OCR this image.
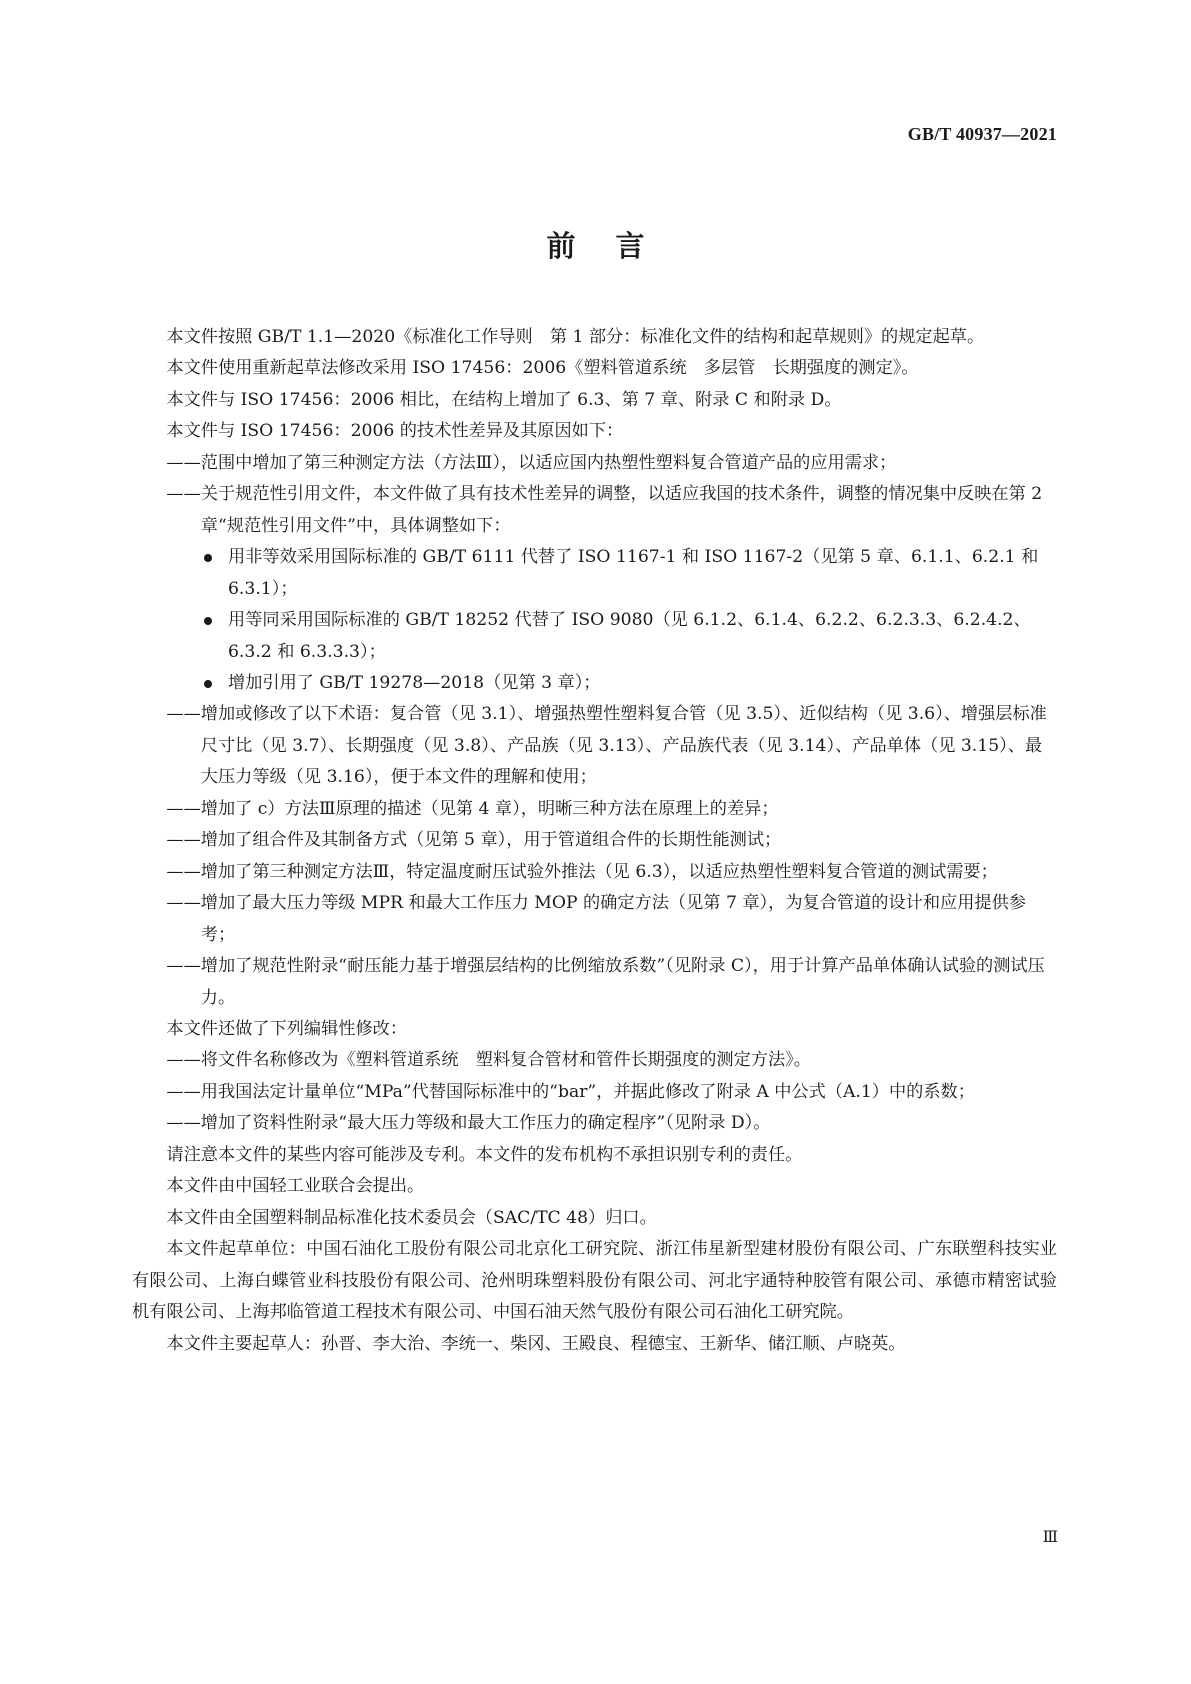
GB/T 40937—2021
前言

本文件按照 GB/T 1.1—2020《标准化工作导则　第 1 部分：标准化文件的结构和起草规则》的规定起草。

本文件使用重新起草法修改采用 ISO 17456：2006《塑料管道系统　多层管　长期强度的测定》。

本文件与 ISO 17456：2006 相比，在结构上增加了 6.3、第 7 章、附录 C 和附录 D。

本文件与 ISO 17456：2006 的技术性差异及其原因如下：

——范围中增加了第三种测定方法（方法Ⅲ），以适应国内热塑性塑料复合管道产品的应用需求；

——关于规范性引用文件，本文件做了具有技术性差异的调整，以适应我国的技术条件，调整的情况集中反映在第 2 章“规范性引用文件”中，具体调整如下：

用非等效采用国际标准的 GB/T 6111 代替了 ISO 1167-1 和 ISO 1167-2（见第 5 章、6.1.1、6.2.1 和 6.3.1）；

用等同采用国际标准的 GB/T 18252 代替了 ISO 9080（见 6.1.2、6.1.4、6.2.2、6.2.3.3、6.2.4.2、6.3.2 和 6.3.3.3）；

增加引用了 GB/T 19278—2018（见第 3 章）；

——增加或修改了以下术语：复合管（见 3.1）、增强热塑性塑料复合管（见 3.5）、近似结构（见 3.6）、增强层标准尺寸比（见 3.7）、长期强度（见 3.8）、产品族（见 3.13）、产品族代表（见 3.14）、产品单体（见 3.15）、最大压力等级（见 3.16），便于本文件的理解和使用；

——增加了 c）方法Ⅲ原理的描述（见第 4 章），明晰三种方法在原理上的差异；

——增加了组合件及其制备方式（见第 5 章），用于管道组合件的长期性能测试；

——增加了第三种测定方法Ⅲ，特定温度耐压试验外推法（见 6.3），以适应热塑性塑料复合管道的测试需要；

——增加了最大压力等级 MPR 和最大工作压力 MOP 的确定方法（见第 7 章），为复合管道的设计和应用提供参考；

——增加了规范性附录“耐压能力基于增强层结构的比例缩放系数”（见附录 C），用于计算产品单体确认试验的测试压力。

本文件还做了下列编辑性修改：

——将文件名称修改为《塑料管道系统　塑料复合管材和管件长期强度的测定方法》。

——用我国法定计量单位“MPa”代替国际标准中的“bar”，并据此修改了附录 A 中公式（A.1）中的系数；

——增加了资料性附录“最大压力等级和最大工作压力的确定程序”（见附录 D）。

请注意本文件的某些内容可能涉及专利。本文件的发布机构不承担识别专利的责任。

本文件由中国轻工业联合会提出。

本文件由全国塑料制品标准化技术委员会（SAC/TC 48）归口。

本文件起草单位：中国石油化工股份有限公司北京化工研究院、浙江伟星新型建材股份有限公司、广东联塑科技实业有限公司、上海白蝶管业科技股份有限公司、沧州明珠塑料股份有限公司、河北宇通特种胶管有限公司、承德市精密试验机有限公司、上海邦临管道工程技术有限公司、中国石油天然气股份有限公司石油化工研究院。

本文件主要起草人：孙晋、李大治、李统一、柴冈、王殿良、程德宝、王新华、储江顺、卢晓英。

Ⅲ
